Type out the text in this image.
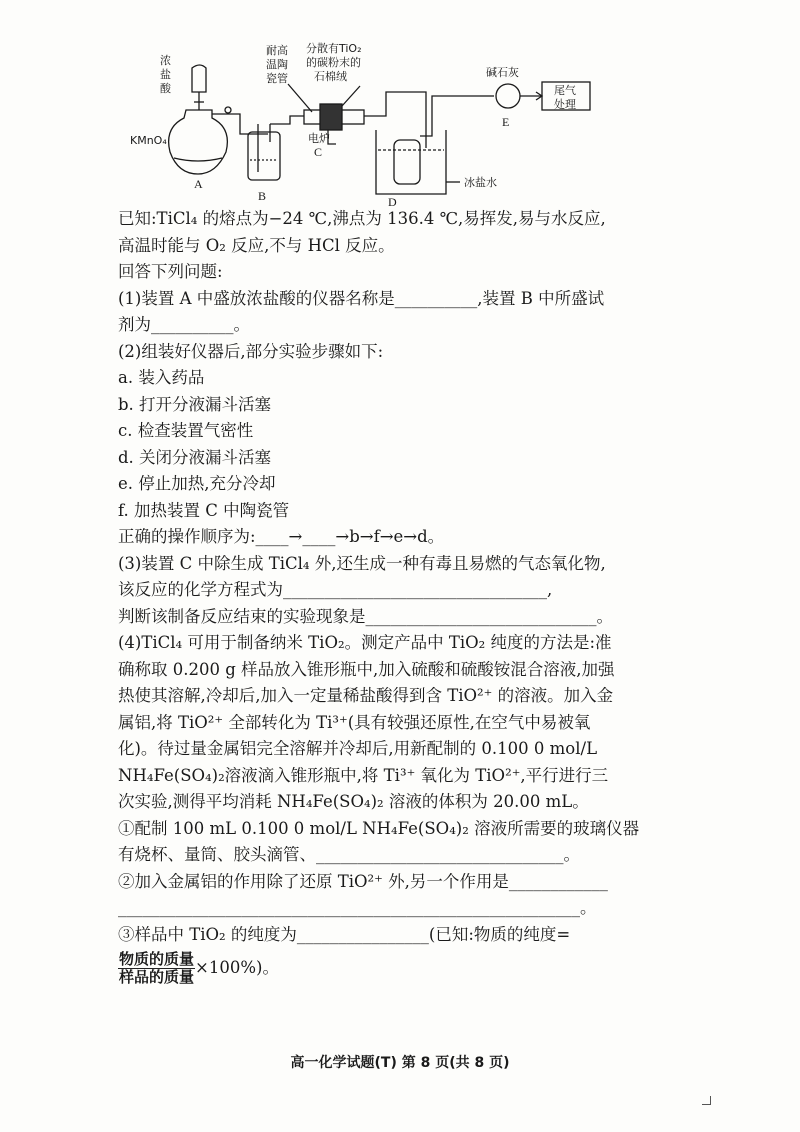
浓
盐
酸
KMnO₄
A
B
耐高
温陶
瓷管
分散有TiO₂
的碳粉末的
石棉绒
电炉
C
D
冰盐水
碱石灰
E
尾气
处理
已知:TiCl₄ 的熔点为−24 ℃,沸点为 136.4 ℃,易挥发,易与水反应,
高温时能与 O₂ 反应,不与 HCl 反应。
回答下列问题:
(1)装置 A 中盛放浓盐酸的仪器名称是__________,装置 B 中所盛试
剂为__________。
(2)组装好仪器后,部分实验步骤如下:
a. 装入药品
b. 打开分液漏斗活塞
c. 检查装置气密性
d. 关闭分液漏斗活塞
e. 停止加热,充分冷却
f. 加热装置 C 中陶瓷管
正确的操作顺序为:____→____→b→f→e→d。
(3)装置 C 中除生成 TiCl₄ 外,还生成一种有毒且易燃的气态氧化物,
该反应的化学方程式为________________________________,
判断该制备反应结束的实验现象是____________________________。
(4)TiCl₄ 可用于制备纳米 TiO₂。测定产品中 TiO₂ 纯度的方法是:准
确称取 0.200 g 样品放入锥形瓶中,加入硫酸和硫酸铵混合溶液,加强
热使其溶解,冷却后,加入一定量稀盐酸得到含 TiO²⁺ 的溶液。加入金
属铝,将 TiO²⁺ 全部转化为 Ti³⁺(具有较强还原性,在空气中易被氧
化)。待过量金属铝完全溶解并冷却后,用新配制的 0.100 0 mol/L
NH₄Fe(SO₄)₂溶液滴入锥形瓶中,将 Ti³⁺ 氧化为 TiO²⁺,平行进行三
次实验,测得平均消耗 NH₄Fe(SO₄)₂ 溶液的体积为 20.00 mL。
①配制 100 mL 0.100 0 mol/L NH₄Fe(SO₄)₂ 溶液所需要的玻璃仪器
有烧杯、量筒、胶头滴管、______________________________。
②加入金属铝的作用除了还原 TiO²⁺ 外,另一个作用是____________
________________________________________________________。
③样品中 TiO₂ 的纯度为________________(已知:物质的纯度=
$\frac{\text{物质的质量}}{\text{样品的质量}} \times 100\%$)。
高一化学试题(T) 第 8 页(共 8 页)
